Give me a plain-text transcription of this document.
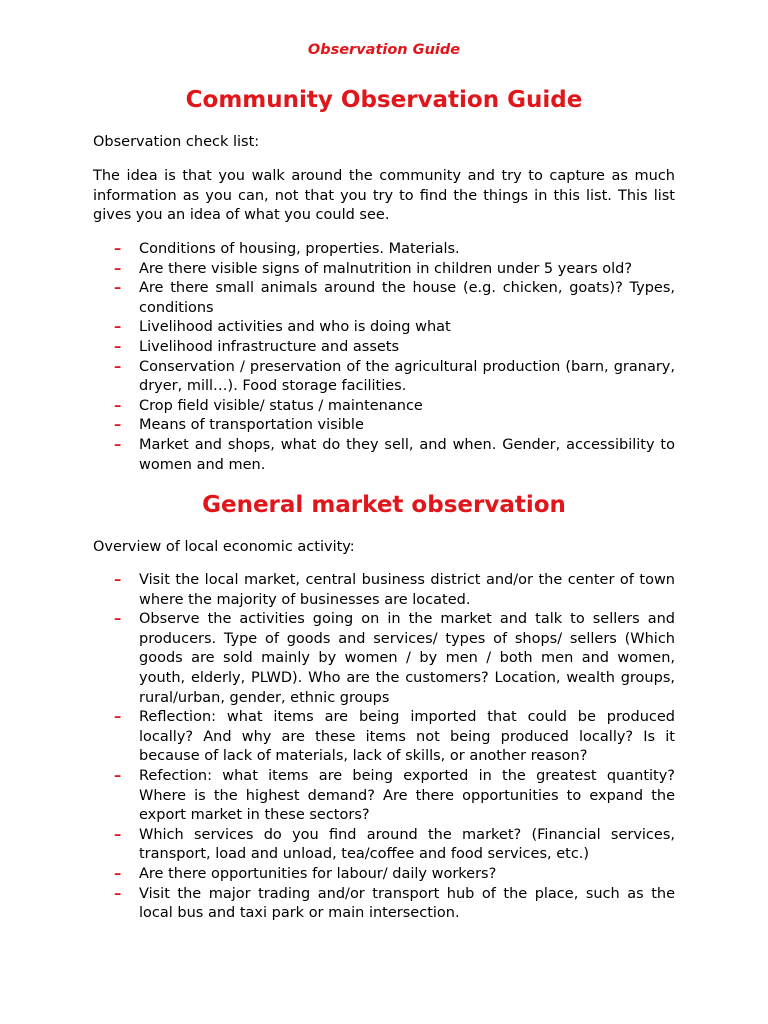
Observation Guide
Community Observation Guide
Observation check list:
The idea is that you walk around the community and try to capture as much information as you can, not that you try to find the things in this list. This list gives you an idea of what you could see.
– Conditions of housing, properties. Materials.
– Are there visible signs of malnutrition in children under 5 years old?
– Are there small animals around the house (e.g. chicken, goats)? Types, conditions
– Livelihood activities and who is doing what
– Livelihood infrastructure and assets
– Conservation / preservation of the agricultural production (barn, granary, dryer, mill…). Food storage facilities.
– Crop field visible/ status / maintenance
– Means of transportation visible
– Market and shops, what do they sell, and when. Gender, accessibility to women and men.
General market observation
Overview of local economic activity:
– Visit the local market, central business district and/or the center of town where the majority of businesses are located.
– Observe the activities going on in the market and talk to sellers and producers. Type of goods and services/ types of shops/ sellers (Which goods are sold mainly by women / by men / both men and women, youth, elderly, PLWD). Who are the customers? Location, wealth groups, rural/urban, gender, ethnic groups
– Reflection: what items are being imported that could be produced locally? And why are these items not being produced locally? Is it because of lack of materials, lack of skills, or another reason?
– Refection: what items are being exported in the greatest quantity? Where is the highest demand? Are there opportunities to expand the export market in these sectors?
– Which services do you find around the market? (Financial services, transport, load and unload, tea/coffee and food services, etc.)
– Are there opportunities for labour/ daily workers?
– Visit the major trading and/or transport hub of the place, such as the local bus and taxi park or main intersection.
